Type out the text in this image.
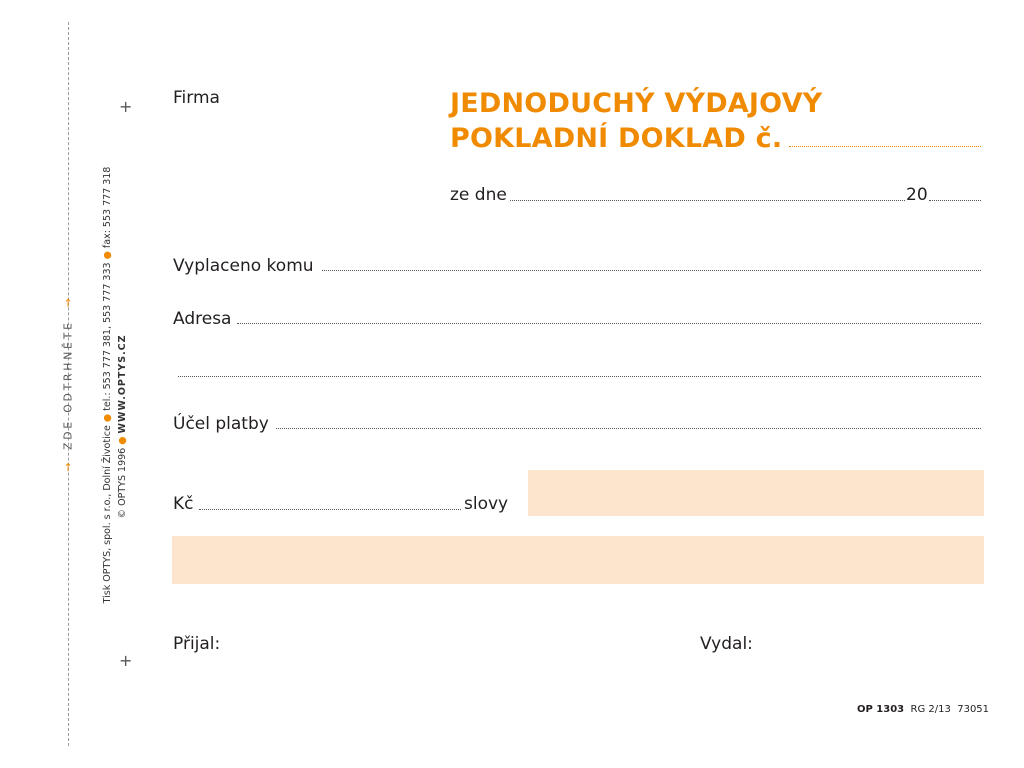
→  ZDE ODTRHNĚTE  →
+
+
Tisk OPTYS, spol. s r.o., Dolní Životice ● tel.: 553 777 381, 553 777 333 ● fax: 553 777 318
© OPTYS 1996 ● WWW.OPTYS.CZ
Firma	JEDNODUCHÝ VÝDAJOVÝ
POKLADNÍ DOKLAD č.
ze dne	20
Vyplaceno komu
Adresa
Účel platby
Kč	slovy
Přijal:	Vydal:
OP 1303 RG 2/13 73051
